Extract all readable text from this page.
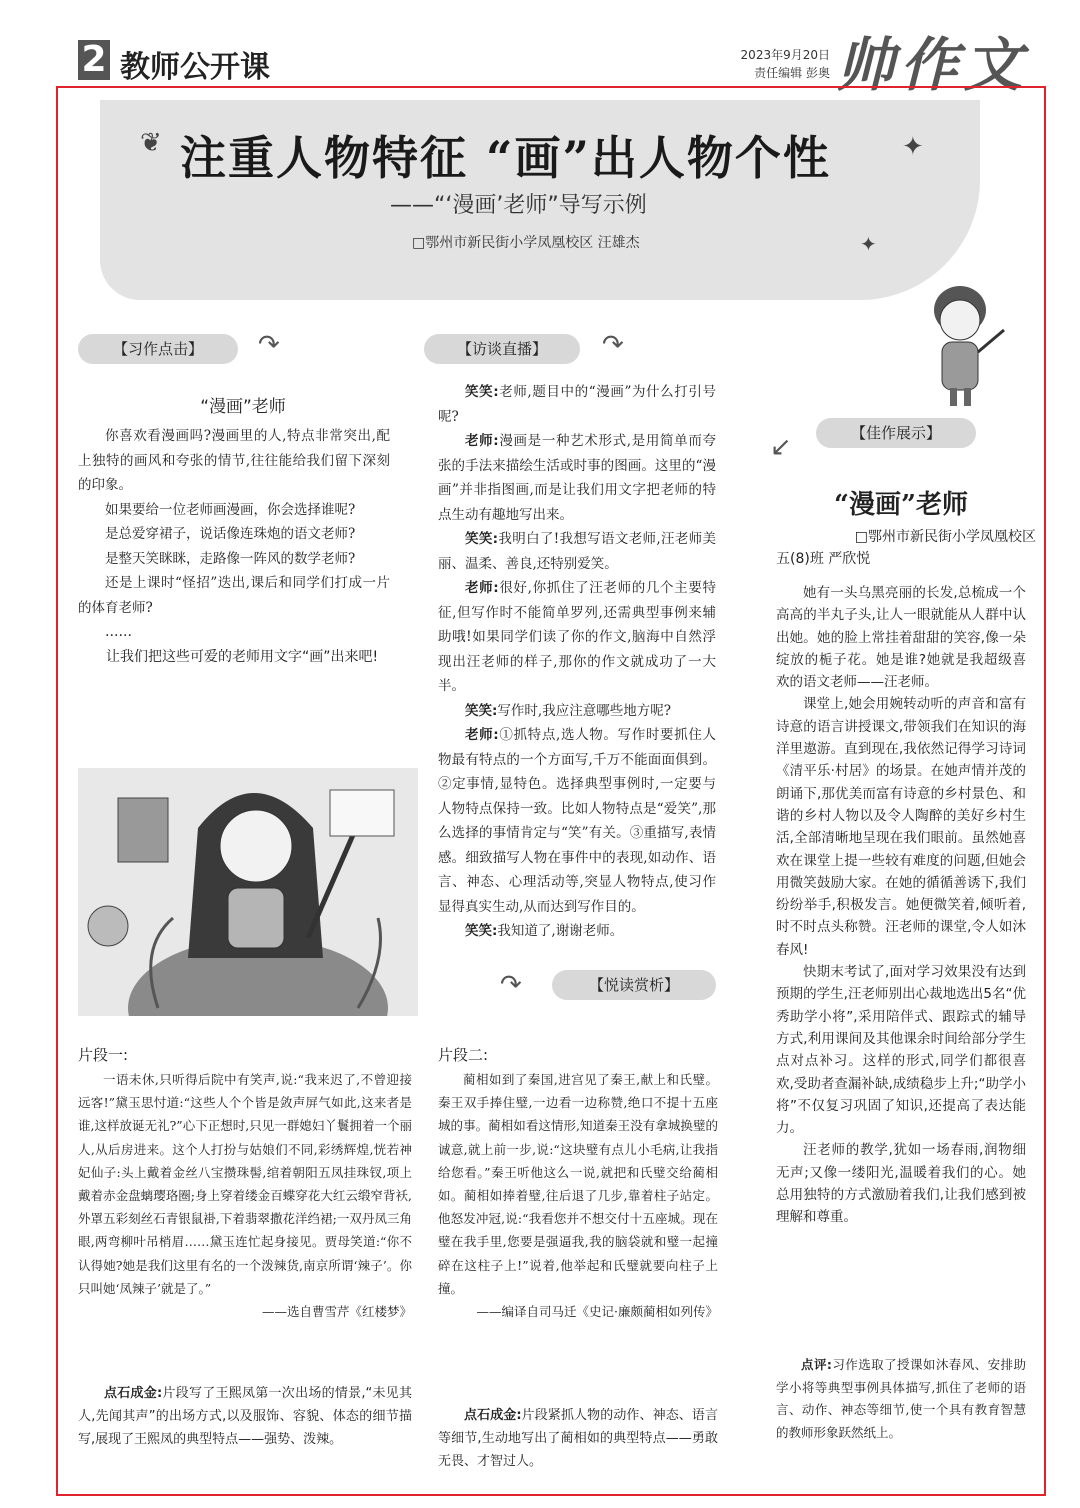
2 教师公开课	2023年9月20日
责任编辑 彭奥 帅作文
❦	✦
✦
注重人物特征 “画”出人物个性
——“‘漫画’老师”导写示例
□鄂州市新民街小学凤凰校区 汪雄杰
【习作点击】	↷
“漫画”老师

你喜欢看漫画吗?漫画里的人,特点非常突出,配上独特的画风和夸张的情节,往往能给我们留下深刻的印象。

如果要给一位老师画漫画，你会选择谁呢?

是总爱穿裙子，说话像连珠炮的语文老师?

是整天笑眯眯，走路像一阵风的数学老师?

还是上课时“怪招”迭出,课后和同学们打成一片的体育老师?

……

让我们把这些可爱的老师用文字“画”出来吧!

【访谈直播】	↷

笑笑:老师,题目中的“漫画”为什么打引号呢?

老师:漫画是一种艺术形式,是用简单而夸张的手法来描绘生活或时事的图画。这里的“漫画”并非指图画,而是让我们用文字把老师的特点生动有趣地写出来。

笑笑:我明白了!我想写语文老师,汪老师美丽、温柔、善良,还特别爱笑。

老师:很好,你抓住了汪老师的几个主要特征,但写作时不能简单罗列,还需典型事例来辅助哦!如果同学们读了你的作文,脑海中自然浮现出汪老师的样子,那你的作文就成功了一大半。

笑笑:写作时,我应注意哪些地方呢?

老师:①抓特点,选人物。写作时要抓住人物最有特点的一个方面写,千万不能面面俱到。②定事情,显特色。选择典型事例时,一定要与人物特点保持一致。比如人物特点是“爱笑”,那么选择的事情肯定与“笑”有关。③重描写,表情感。细致描写人物在事件中的表现,如动作、语言、神态、心理活动等,突显人物特点,使习作显得真实生动,从而达到写作目的。

笑笑:我知道了,谢谢老师。

↷	【悦读赏析】
↙	【佳作展示】
“漫画”老师
□鄂州市新民街小学凤凰校区
五(8)班 严欣悦

她有一头乌黑亮丽的长发,总梳成一个高高的半丸子头,让人一眼就能从人群中认出她。她的脸上常挂着甜甜的笑容,像一朵绽放的栀子花。她是谁?她就是我超级喜欢的语文老师——汪老师。

课堂上,她会用婉转动听的声音和富有诗意的语言讲授课文,带领我们在知识的海洋里遨游。直到现在,我依然记得学习诗词《清平乐·村居》的场景。在她声情并茂的朗诵下,那优美而富有诗意的乡村景色、和谐的乡村人物以及令人陶醉的美好乡村生活,全部清晰地呈现在我们眼前。虽然她喜欢在课堂上提一些较有难度的问题,但她会用微笑鼓励大家。在她的循循善诱下,我们纷纷举手,积极发言。她便微笑着,倾听着,时不时点头称赞。汪老师的课堂,令人如沐春风!

快期末考试了,面对学习效果没有达到预期的学生,汪老师别出心裁地选出5名“优秀助学小将”,采用陪伴式、跟踪式的辅导方式,利用课间及其他课余时间给部分学生点对点补习。这样的形式,同学们都很喜欢,受助者查漏补缺,成绩稳步上升;“助学小将”不仅复习巩固了知识,还提高了表达能力。

汪老师的教学,犹如一场春雨,润物细无声;又像一缕阳光,温暖着我们的心。她总用独特的方式激励着我们,让我们感到被理解和尊重。

点评:习作选取了授课如沐春风、安排助学小将等典型事例具体描写,抓住了老师的语言、动作、神态等细节,使一个具有教育智慧的教师形象跃然纸上。

片段一:

一语未休,只听得后院中有笑声,说:“我来迟了,不曾迎接远客!”黛玉思忖道:“这些人个个皆是敛声屏气如此,这来者是谁,这样放诞无礼?”心下正想时,只见一群媳妇丫鬟拥着一个丽人,从后房进来。这个人打扮与姑娘们不同,彩绣辉煌,恍若神妃仙子:头上戴着金丝八宝攒珠髻,绾着朝阳五凤挂珠钗,项上戴着赤金盘螭璎珞圈;身上穿着缕金百蝶穿花大红云缎窄背袄,外罩五彩刻丝石青银鼠褂,下着翡翠撒花洋绉裙;一双丹凤三角眼,两弯柳叶吊梢眉……黛玉连忙起身接见。贾母笑道:“你不认得她?她是我们这里有名的一个泼辣货,南京所谓‘辣子’。你只叫她‘凤辣子’就是了。”

——选自曹雪芹《红楼梦》

点石成金:片段写了王熙凤第一次出场的情景,“未见其人,先闻其声”的出场方式,以及服饰、容貌、体态的细节描写,展现了王熙凤的典型特点——强势、泼辣。

片段二:

蔺相如到了秦国,进宫见了秦王,献上和氏璧。秦王双手捧住璧,一边看一边称赞,绝口不提十五座城的事。蔺相如看这情形,知道秦王没有拿城换璧的诚意,就上前一步,说:“这块璧有点儿小毛病,让我指给您看。”秦王听他这么一说,就把和氏璧交给蔺相如。蔺相如捧着璧,往后退了几步,靠着柱子站定。他怒发冲冠,说:“我看您并不想交付十五座城。现在璧在我手里,您要是强逼我,我的脑袋就和璧一起撞碎在这柱子上!”说着,他举起和氏璧就要向柱子上撞。

——编译自司马迁《史记·廉颇蔺相如列传》

点石成金:片段紧抓人物的动作、神态、语言等细节,生动地写出了蔺相如的典型特点——勇敢无畏、才智过人。
